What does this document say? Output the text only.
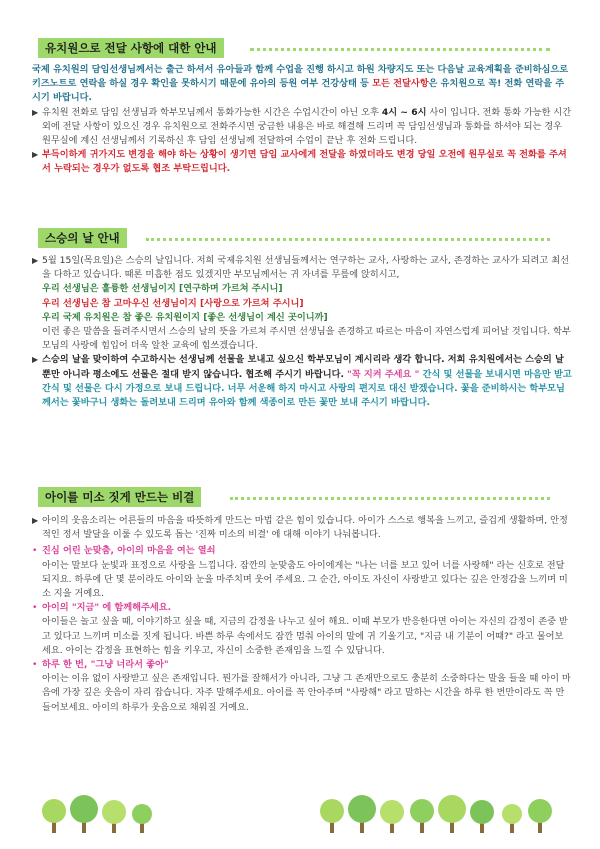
유치원으로 전달 사항에 대한 안내
국제 유치원의 담임선생님께서는 출근 하셔서 유아들과 함께 수업을 진행 하시고 하원 차량지도 또는 다음날 교육계획을 준비하심으로 키즈노트로 연락을 하실 경우 확인을 못하시기 때문에 유아의 등원 여부 건강상태 등 모든 전달사항은 유치원으로 꼭! 전화 연락을 주시기 바랍니다.
▶ 유치원 전화로 담임 선생님과 학부모님께서 통화가능한 시간은 수업시간이 아닌 오후 4시 ~ 6시 사이 입니다. 전화 통화 가능한 시간 외에 전달 사항이 있으신 경우 유치원으로 전화주시면 궁금한 내용은 바로 해결해 드리며 꼭 담임선생님과 통화를 하셔야 되는 경우 원무실에 계신 선생님께서 기록하신 후 담임 선생님께 전달하여 수업이 끝난 후 전화 드립니다.
▶ 부득이하게 귀가지도 변경을 해야 하는 상황이 생기면 담임 교사에게 전달을 하였더라도 변경 당일 오전에 원무실로 꼭 전화를 주셔서 누락되는 경우가 없도록 협조 부탁드립니다.
스승의 날 안내
▶ 5월 15일(목요일)은 스승의 날입니다. 저희 국제유치원 선생님들께서는 연구하는 교사, 사랑하는 교사, 존경하는 교사가 되려고 최선을 다하고 있습니다. 때론 미흡한 점도 있겠지만 부모님께서는 귀 자녀를 무릎에 앉히시고,
우리 선생님은 훌륭한 선생님이지 [연구하며 가르쳐 주시니]
우리 선생님은 참 고마우신 선생님이지 [사랑으로 가르쳐 주시니]
우리 국제 유치원은 참 좋은 유치원이지 [좋은 선생님이 계신 곳이니까]
이런 좋은 말씀을 들려주시면서 스승의 날의 뜻을 가르쳐 주시면 선생님을 존경하고 따르는 마음이 자연스럽게 피어날 것입니다. 학부모님의 사랑에 힘입어 더욱 알찬 교육에 힘쓰겠습니다.
▶ 스승의 날을 맞이하여 수고하시는 선생님께 선물을 보내고 싶으신 학부모님이 계시리라 생각 합니다. 저희 유치원에서는 스승의 날 뿐만 아니라 평소에도 선물은 절대 받지 않습니다. 협조해 주시기 바랍니다. "꼭 지켜 주세요 " 간식 및 선물을 보내시면 마음만 받고 간식 및 선물은 다시 가정으로 보내 드립니다. 너무 서운해 하지 마시고 사랑의 편지로 대신 받겠습니다. 꽃을 준비하시는 학부모님께서는 꽃바구니 생화는 돌려보내 드리며 유아와 함께 색종이로 만든 꽃만 보내 주시기 바랍니다.
아이를 미소 짓게 만드는 비결
▶ 아이의 웃음소리는 어른들의 마음을 따뜻하게 만드는 마법 같은 힘이 있습니다. 아이가 스스로 행복을 느끼고, 즐겁게 생활하며, 안정적인 정서 발달을 이룰 수 있도록 돕는 '진짜 미소의 비결' 에 대해 이야기 나눠봅니다.
• 진심 어린 눈맞춤, 아이의 마음을 여는 열쇠
아이는 말보다 눈빛과 표정으로 사랑을 느낍니다. 잠깐의 눈맞춤도 아이에게는 "나는 너를 보고 있어 너를 사랑해" 라는 신호로 전달되지요. 하루에 단 몇 분이라도 아이와 눈을 마주치며 웃어 주세요. 그 순간, 아이도 자신이 사랑받고 있다는 깊은 안정감을 느끼며 미소 지을 거예요.
• 아이의 "지금" 에 함께해주세요.
아이들은 놀고 싶을 때, 이야기하고 싶을 때, 지금의 감정을 나누고 싶어 해요. 이때 부모가 반응한다면 아이는 자신의 감정이 존중 받고 있다고 느끼며 미소를 짓게 됩니다. 바쁜 하루 속에서도 잠깐 멈춰 아이의 말에 귀 기울기고, "지금 내 기분이 어때?" 라고 물어보세요. 아이는 감정을 표현하는 힘을 키우고, 자신이 소중한 존재임을 느낄 수 있답니다.
• 하루 한 번, "그냥 너라서 좋아"
아이는 이유 없이 사랑받고 싶은 존재입니다. 뭔가를 잘해서가 아니라, 그냥 그 존재만으로도 충분히 소중하다는 말을 들을 때 아이 마음에 가장 깊은 웃음이 자리 잡습니다. 자주 말해주세요. 아이를 꼭 안아주며 "사랑해" 라고 말하는 시간을 하루 한 번만이라도 꼭 만들어보세요. 아이의 하루가 웃음으로 채워질 거예요.
